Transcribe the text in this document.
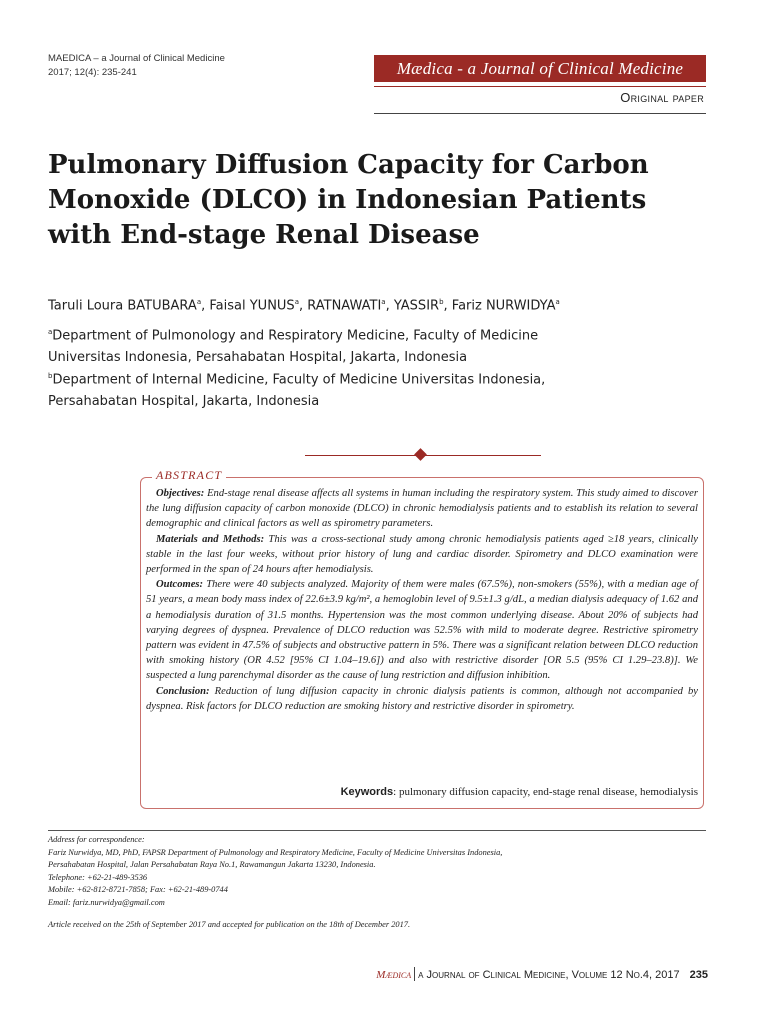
MAEDICA – a Journal of Clinical Medicine
2017; 12(4): 235-241	Mædica - a Journal of Clinical Medicine
Original paper
Pulmonary Diffusion Capacity for Carbon Monoxide (DLCO) in Indonesian Patients with End-stage Renal Disease
Taruli Loura BATUBARA$^a$, Faisal YUNUS$^a$, RATNAWATI$^a$, YASSIR$^b$, Fariz NURWIDYA$^a$
$^a$Department of Pulmonology and Respiratory Medicine, Faculty of Medicine
Universitas Indonesia, Persahabatan Hospital, Jakarta, Indonesia
$^b$Department of Internal Medicine, Faculty of Medicine Universitas Indonesia,
Persahabatan Hospital, Jakarta, Indonesia
ABSTRACT

Objectives: End-stage renal disease affects all systems in human including the respiratory system. This study aimed to discover the lung diffusion capacity of carbon monoxide (DLCO) in chronic hemodialysis patients and to establish its relation to several demographic and clinical factors as well as spirometry parameters.

Materials and Methods: This was a cross-sectional study among chronic hemodialysis patients aged ≥18 years, clinically stable in the last four weeks, without prior history of lung and cardiac disorder. Spirometry and DLCO examination were performed in the span of 24 hours after hemodialysis.

Outcomes: There were 40 subjects analyzed. Majority of them were males (67.5%), non-smokers (55%), with a median age of 51 years, a mean body mass index of 22.6±3.9 kg/m², a hemoglobin level of 9.5±1.3 g/dL, a median dialysis adequacy of 1.62 and a hemodialysis duration of 31.5 months. Hypertension was the most common underlying disease. About 20% of subjects had varying degrees of dyspnea. Prevalence of DLCO reduction was 52.5% with mild to moderate degree. Restrictive spirometry pattern was evident in 47.5% of subjects and obstructive pattern in 5%. There was a significant relation between DLCO reduction with smoking history (OR 4.52 [95% CI 1.04–19.6]) and also with restrictive disorder [OR 5.5 (95% CI 1.29–23.8)]. We suspected a lung parenchymal disorder as the cause of lung restriction and diffusion inhibition.

Conclusion: Reduction of lung diffusion capacity in chronic dialysis patients is common, although not accompanied by dyspnea. Risk factors for DLCO reduction are smoking history and restrictive disorder in spirometry.

Keywords: pulmonary diffusion capacity, end-stage renal disease, hemodialysis
Address for correspondence:
Fariz Nurwidya, MD, PhD, FAPSR Department of Pulmonology and Respiratory Medicine, Faculty of Medicine Universitas Indonesia,
Persahabatan Hospital, Jalan Persahabatan Raya No.1, Rawamangun Jakarta 13230, Indonesia.
Telephone: +62-21-489-3536
Mobile: +62-812-8721-7858; Fax: +62-21-489-0744
Email: fariz.nurwidya@gmail.com
Article received on the 25th of September 2017 and accepted for publication on the 18th of December 2017.
Mædica a Journal of Clinical Medicine, Volume 12 No.4, 2017 235
